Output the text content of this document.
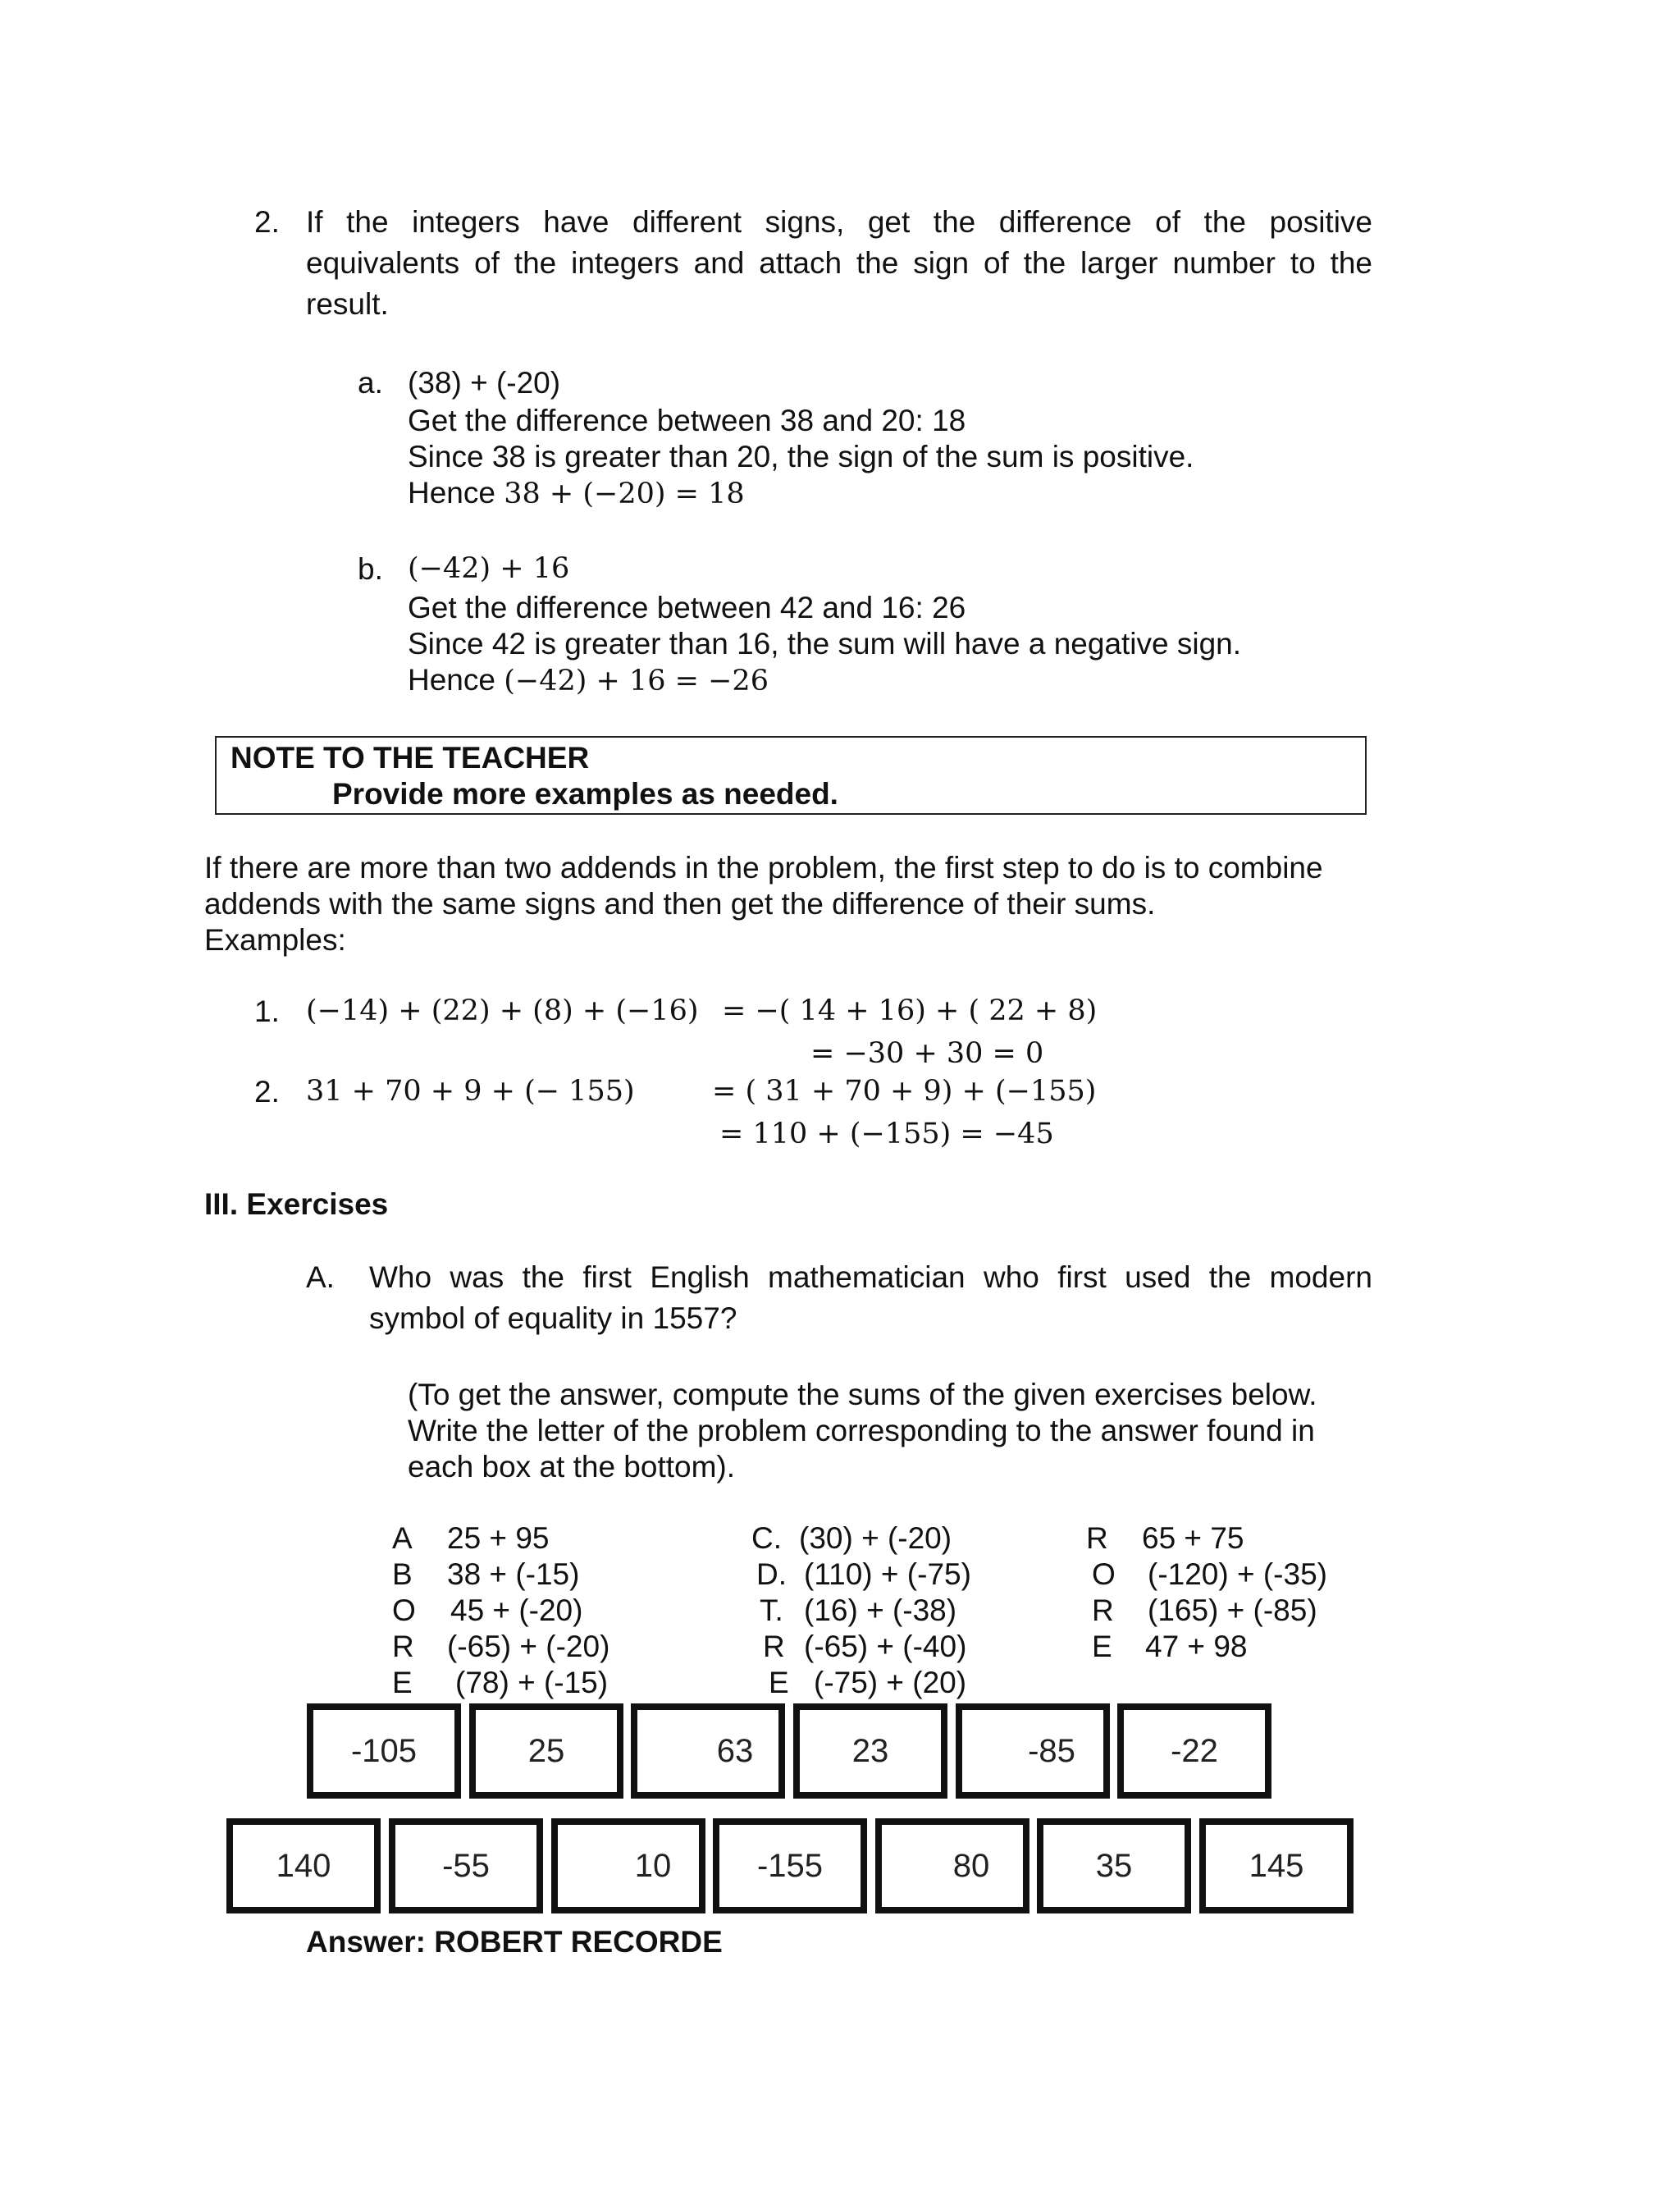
2. If the integers have different signs, get the difference of the positive

equivalents of the integers and attach the sign of the larger number to the

result.

a. (38) + (-20)

Get the difference between 38 and 20: 18

Since 38 is greater than 20, the sign of the sum is positive.

Hence 38 + (−20) = 18

b. (−42) + 16

Get the difference between 42 and 16: 26

Since 42 is greater than 16, the sum will have a negative sign.

Hence (−42) + 16 = −26

NOTE TO THE TEACHER

Provide more examples as needed.

If there are more than two addends in the problem, the first step to do is to combine

addends with the same signs and then get the difference of their sums.

Examples:

1. (−14) + (22) + (8) + (−16) = −( 14 + 16) + ( 22 + 8)

= −30 + 30 = 0

2. 31 + 70 + 9 + (− 155)	= ( 31 + 70 + 9) + (−155)

= 110 + (−155) = −45

III. Exercises

A. Who was the first English mathematician who first used the modern

symbol of equality in 1557?

(To get the answer, compute the sums of the given exercises below.

Write the letter of the problem corresponding to the answer found in

each box at the bottom).

A 25 + 95

B 38 + (-15)

O 45 + (-20)

R (-65) + (-20)

E (78) + (-15)

C. (30) + (-20)

D. (110) + (-75)

T. (16) + (-38)

R (-65) + (-40)

E (-75) + (20)

R 65 + 75

O (-120) + (-35)

R (165) + (-85)

E 47 + 98

-105	25	63	23	-85	-22
140	-55	10	-155	80	35	145

Answer: ROBERT RECORDE
